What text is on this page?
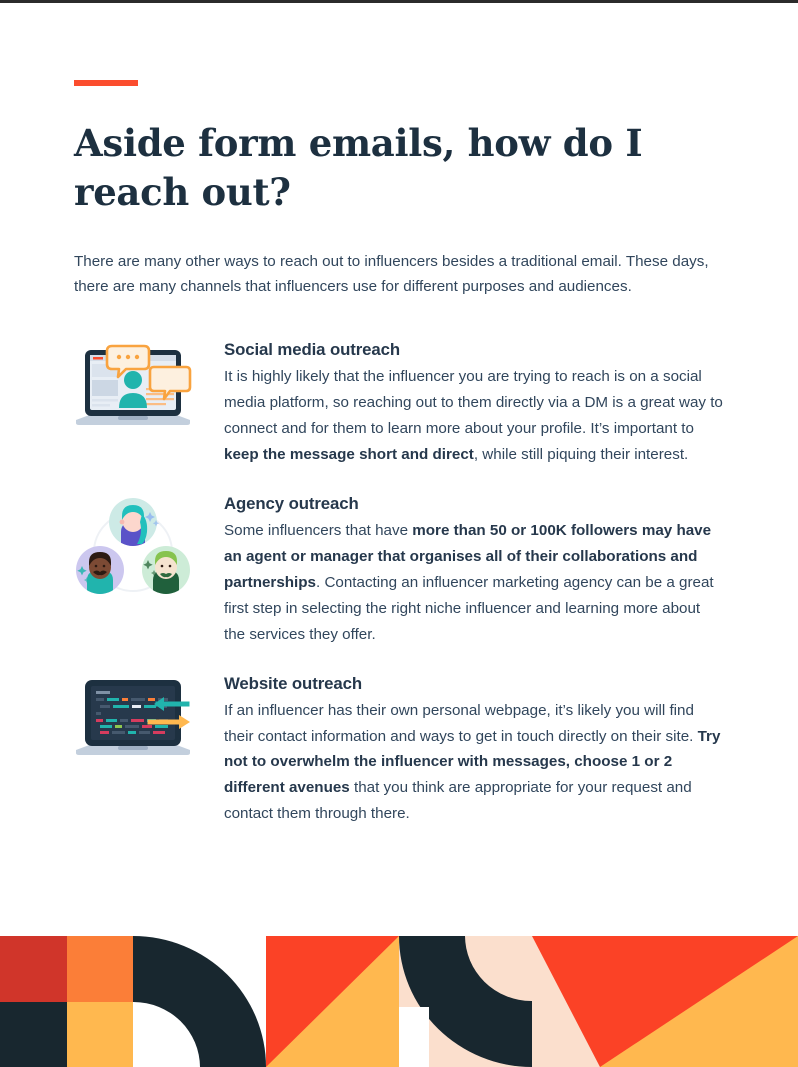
Aside form emails, how do I reach out?

There are many other ways to reach out to influencers besides a traditional email. These days, there are many channels that influencers use for different purposes and audiences.

Social media outreach

It is highly likely that the influencer you are trying to reach is on a social media platform, so reaching out to them directly via a DM is a great way to connect and for them to learn more about your profile. It’s important to keep the message short and direct, while still piquing their interest.

Agency outreach

Some influencers that have more than 50 or 100K followers may have an agent or manager that organises all of their collaborations and partnerships. Contacting an influencer marketing agency can be a great first step in selecting the right niche influencer and learning more about the services they offer.

Website outreach

If an influencer has their own personal webpage, it’s likely you will find their contact information and ways to get in touch directly on their site. Try not to overwhelm the influencer with messages, choose 1 or 2 different avenues that you think are appropriate for your request and contact them through there.
